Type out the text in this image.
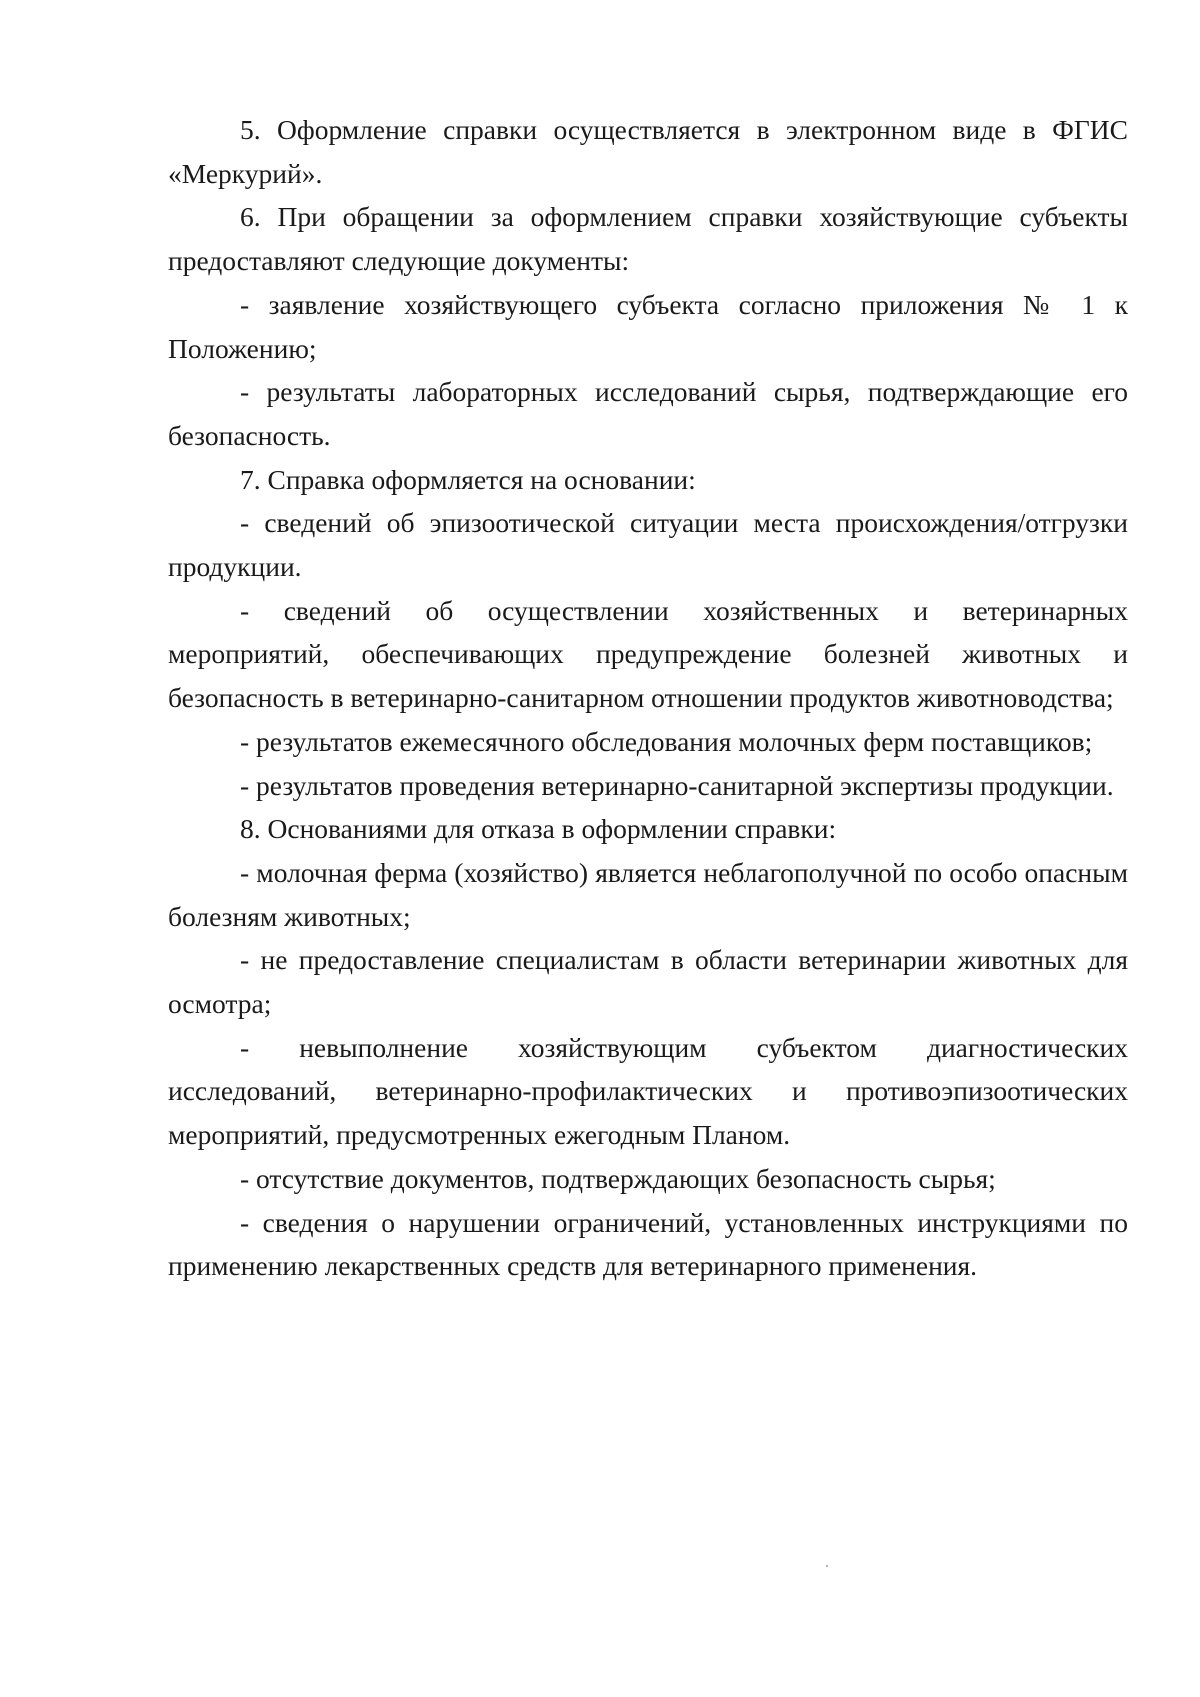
5. Оформление справки осуществляется в электронном виде в ФГИС «Меркурий».

6. При обращении за оформлением справки хозяйствующие субъекты предоставляют следующие документы:

- заявление хозяйствующего субъекта согласно приложения № 1 к Положению;

- результаты лабораторных исследований сырья, подтверждающие его безопасность.

7. Справка оформляется на основании:

- сведений об эпизоотической ситуации места происхождения/отгрузки продукции.

- сведений об осуществлении хозяйственных и ветеринарных мероприятий, обеспечивающих предупреждение болезней животных и безопасность в ветеринарно-санитарном отношении продуктов животноводства;

- результатов ежемесячного обследования молочных ферм поставщиков;

- результатов проведения ветеринарно-санитарной экспертизы продукции.

8. Основаниями для отказа в оформлении справки:

- молочная ферма (хозяйство) является неблагополучной по особо опасным болезням животных;

- не предоставление специалистам в области ветеринарии животных для осмотра;

- невыполнение хозяйствующим субъектом диагностических исследований, ветеринарно-профилактических и противоэпизоотических мероприятий, предусмотренных ежегодным Планом.

- отсутствие документов, подтверждающих безопасность сырья;

- сведения о нарушении ограничений, установленных инструкциями по применению лекарственных средств для ветеринарного применения.
